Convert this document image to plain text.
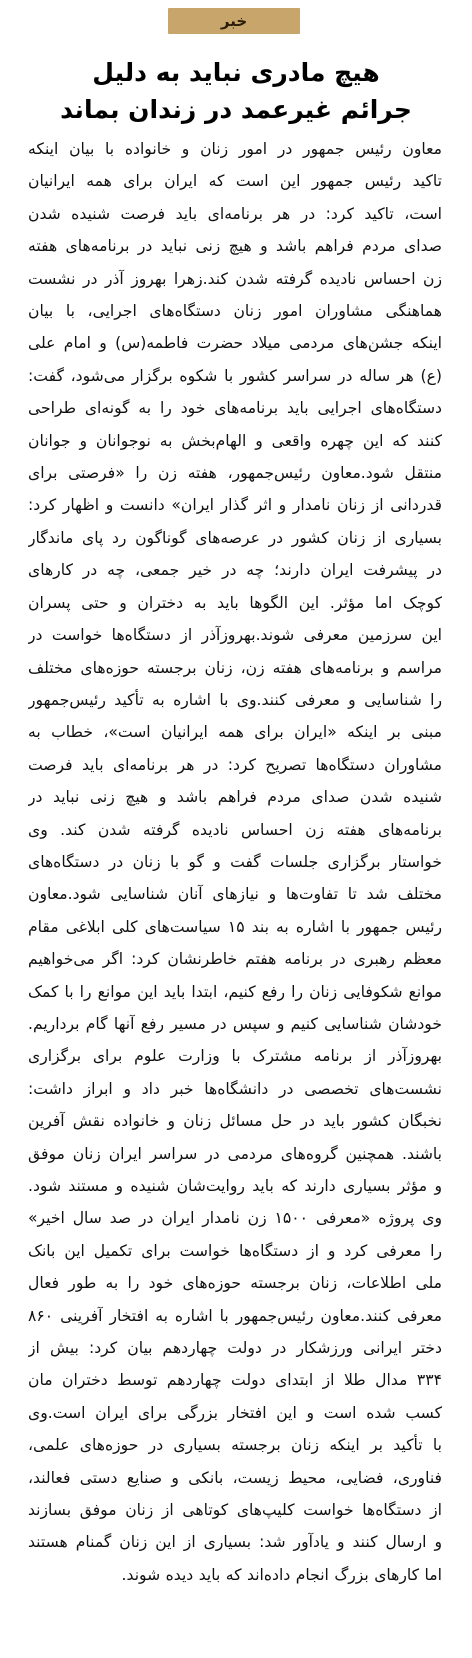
خبر
هیچ مادری نباید به دلیل
جرائم غیرعمد در زندان بماند
معاون رئیس جمهور در امور زنان و خانواده با بیان اینکه
تاکید رئیس جمهور این است که ایران برای همه ایرانیان
است، تاکید کرد: در هر برنامه‌ای باید فرصت شنیده شدن
صدای مردم فراهم باشد و هیچ زنی نباید در برنامه‌های هفته
زن احساس نادیده گرفته شدن کند.زهرا بهروز آذر در نشست
هماهنگی مشاوران امور زنان دستگاه‌های اجرایی، با بیان
اینکه جشن‌های مردمی میلاد حضرت فاطمه(س) و امام علی
(ع) هر ساله در سراسر کشور با شکوه برگزار می‌شود، گفت:
دستگاه‌های اجرایی باید برنامه‌های خود را به گونه‌ای طراحی
کنند که این چهره واقعی و الهام‌بخش به نوجوانان و جوانان
منتقل شود.معاون رئیس‌جمهور، هفته زن را «فرصتی برای
قدردانی از زنان نامدار و اثر گذار ایران» دانست و اظهار کرد:
بسیاری از زنان کشور در عرصه‌های گوناگون رد پای ماندگار
در پیشرفت ایران دارند؛ چه در خیر جمعی، چه در کارهای
کوچک اما مؤثر. این الگوها باید به دختران و حتی پسران
این سرزمین معرفی شوند.بهروزآذر از دستگاه‌ها خواست در
مراسم و برنامه‌های هفته زن، زنان برجسته حوزه‌های مختلف
را شناسایی و معرفی کنند.وی با اشاره به تأکید رئیس‌جمهور
مبنی بر اینکه «ایران برای همه ایرانیان است»، خطاب به
مشاوران دستگاه‌ها تصریح کرد: در هر برنامه‌ای باید فرصت
شنیده شدن صدای مردم فراهم باشد و هیچ زنی نباید در
برنامه‌های هفته زن احساس نادیده گرفته شدن کند. وی
خواستار برگزاری جلسات گفت و گو با زنان در دستگاه‌های
مختلف شد تا تفاوت‌ها و نیازهای آنان شناسایی شود.معاون
رئیس جمهور با اشاره به بند ۱۵ سیاست‌های کلی ابلاغی مقام
معظم رهبری در برنامه هفتم خاطرنشان کرد: اگر می‌خواهیم
موانع شکوفایی زنان را رفع کنیم، ابتدا باید این موانع را با کمک
خودشان شناسایی کنیم و سپس در مسیر رفع آنها گام برداریم.
بهروزآذر از برنامه مشترک با وزارت علوم برای برگزاری
نشست‌های تخصصی در دانشگاه‌ها خبر داد و ابراز داشت:
نخبگان کشور باید در حل مسائل زنان و خانواده نقش آفرین
باشند. همچنین گروه‌های مردمی در سراسر ایران زنان موفق
و مؤثر بسیاری دارند که باید روایت‌شان شنیده و مستند شود.
وی پروژه «معرفی ۱۵۰۰ زن نامدار ایران در صد سال اخیر»
را معرفی کرد و از دستگاه‌ها خواست برای تکمیل این بانک
ملی اطلاعات، زنان برجسته حوزه‌های خود را به طور فعال
معرفی کنند.معاون رئیس‌جمهور با اشاره به افتخار آفرینی ۸۶۰
دختر ایرانی ورزشکار در دولت چهاردهم بیان کرد: بیش از
۳۳۴ مدال طلا از ابتدای دولت چهاردهم توسط دختران مان
کسب شده است و این افتخار بزرگی برای ایران است.وی
با تأکید بر اینکه زنان برجسته بسیاری در حوزه‌های علمی،
فناوری، فضایی، محیط زیست، بانکی و صنایع دستی فعالند،
از دستگاه‌ها خواست کلیپ‌های کوتاهی از زنان موفق بسازند
و ارسال کنند و یادآور شد: بسیاری از این زنان گمنام هستند
اما کارهای بزرگ انجام داده‌اند که باید دیده شوند.
